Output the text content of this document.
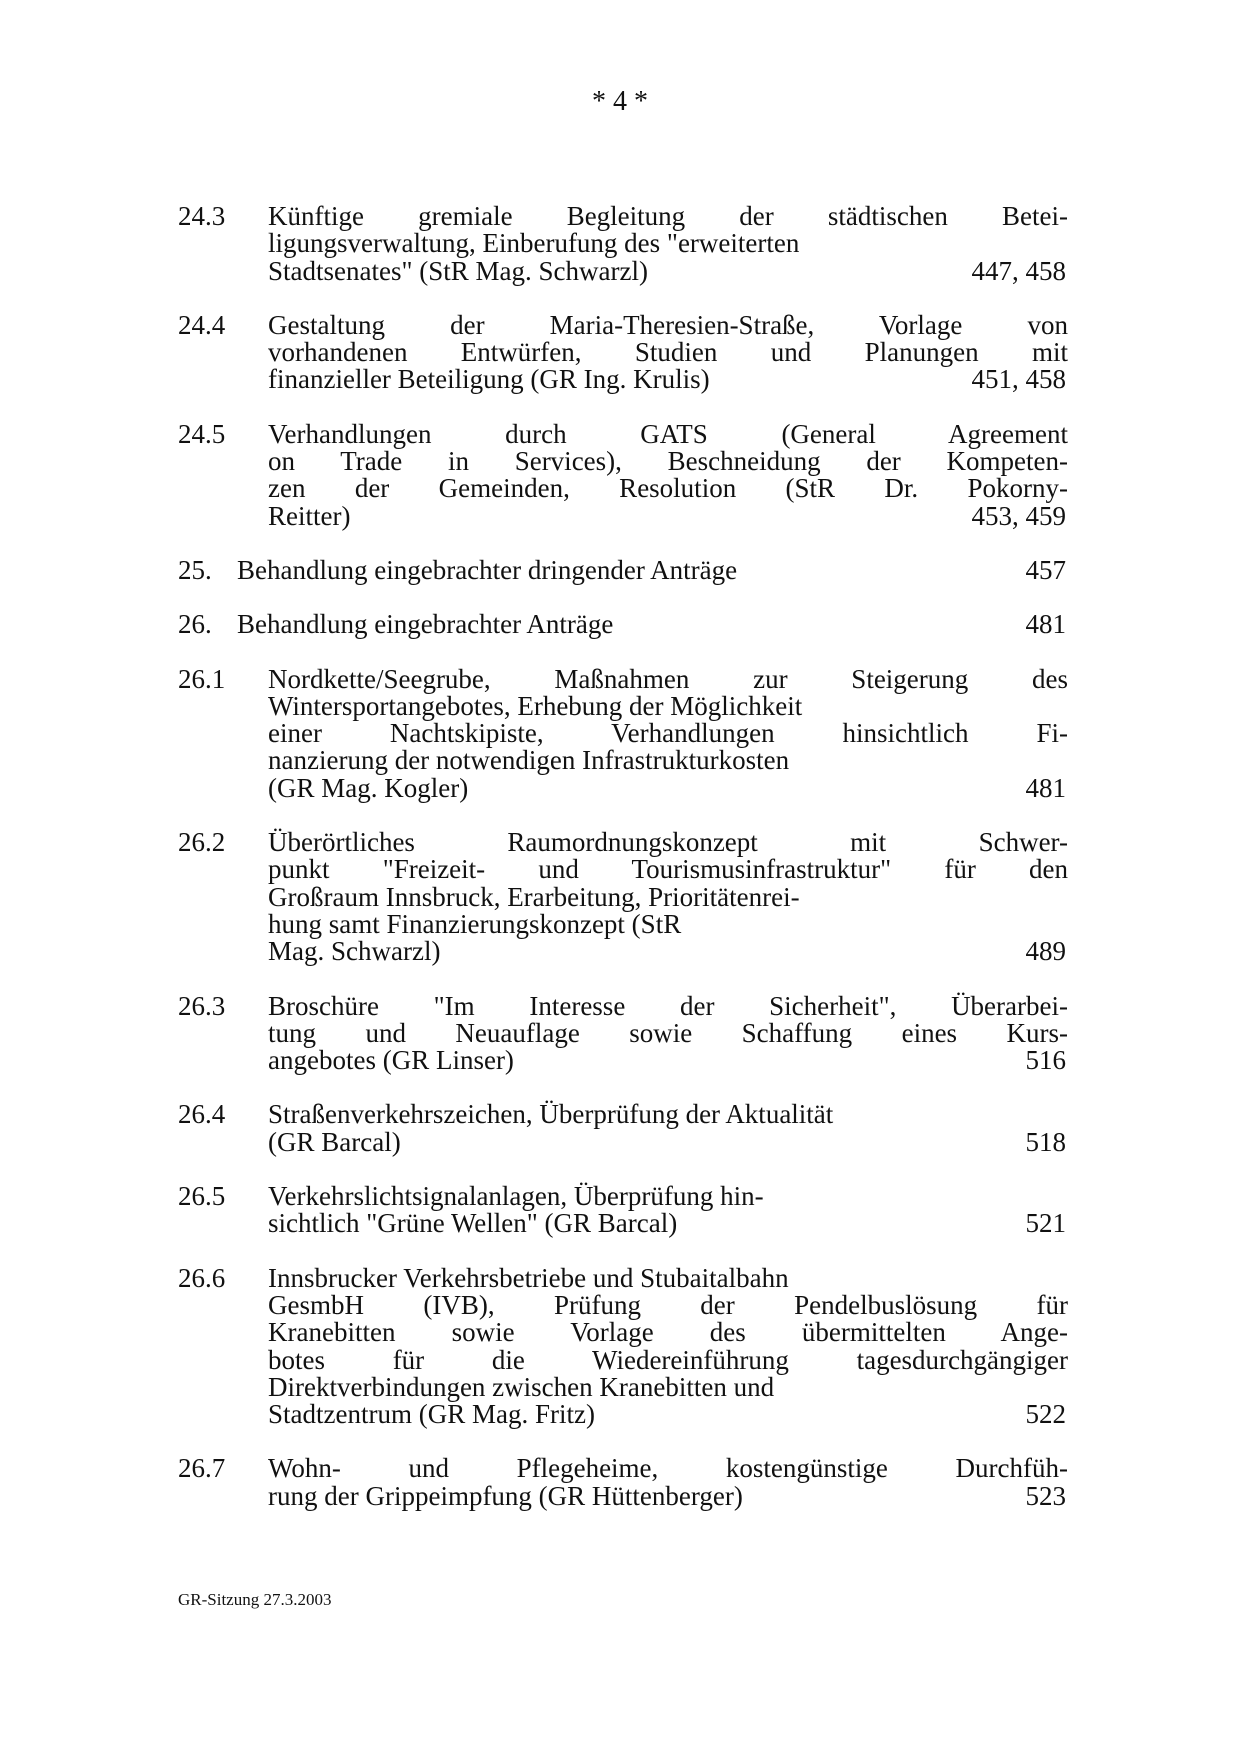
* 4 *
24.3 Künftige gremiale Begleitung der städtischen Betei-
ligungsverwaltung, Einberufung des "erweiterten
Stadtsenates" (StR Mag. Schwarzl)	447, 458
24.4 Gestaltung der Maria-Theresien-Straße, Vorlage von
vorhandenen Entwürfen, Studien und Planungen mit
finanzieller Beteiligung (GR Ing. Krulis)	451, 458
24.5 Verhandlungen durch GATS (General Agreement
on Trade in Services), Beschneidung der Kompeten-
zen der Gemeinden, Resolution (StR Dr. Pokorny-
Reitter)	453, 459
25. Behandlung eingebrachter dringender Anträge	457
26. Behandlung eingebrachter Anträge	481
26.1 Nordkette/Seegrube, Maßnahmen zur Steigerung des
Wintersportangebotes, Erhebung der Möglichkeit
einer Nachtskipiste, Verhandlungen hinsichtlich Fi-
nanzierung der notwendigen Infrastrukturkosten
(GR Mag. Kogler)	481
26.2 Überörtliches Raumordnungskonzept mit Schwer-
punkt "Freizeit- und Tourismusinfrastruktur" für den
Großraum Innsbruck, Erarbeitung, Prioritätenrei-
hung samt Finanzierungskonzept (StR
Mag. Schwarzl)	489
26.3 Broschüre "Im Interesse der Sicherheit", Überarbei-
tung und Neuauflage sowie Schaffung eines Kurs-
angebotes (GR Linser)	516
26.4 Straßenverkehrszeichen, Überprüfung der Aktualität
(GR Barcal)	518
26.5 Verkehrslichtsignalanlagen, Überprüfung hin-
sichtlich "Grüne Wellen" (GR Barcal)	521
26.6 Innsbrucker Verkehrsbetriebe und Stubaitalbahn
GesmbH (IVB), Prüfung der Pendelbuslösung für
Kranebitten sowie Vorlage des übermittelten Ange-
botes für die Wiedereinführung tagesdurchgängiger
Direktverbindungen zwischen Kranebitten und
Stadtzentrum (GR Mag. Fritz)	522
26.7 Wohn- und Pflegeheime, kostengünstige Durchfüh-
rung der Grippeimpfung (GR Hüttenberger)	523

GR-Sitzung 27.3.2003
